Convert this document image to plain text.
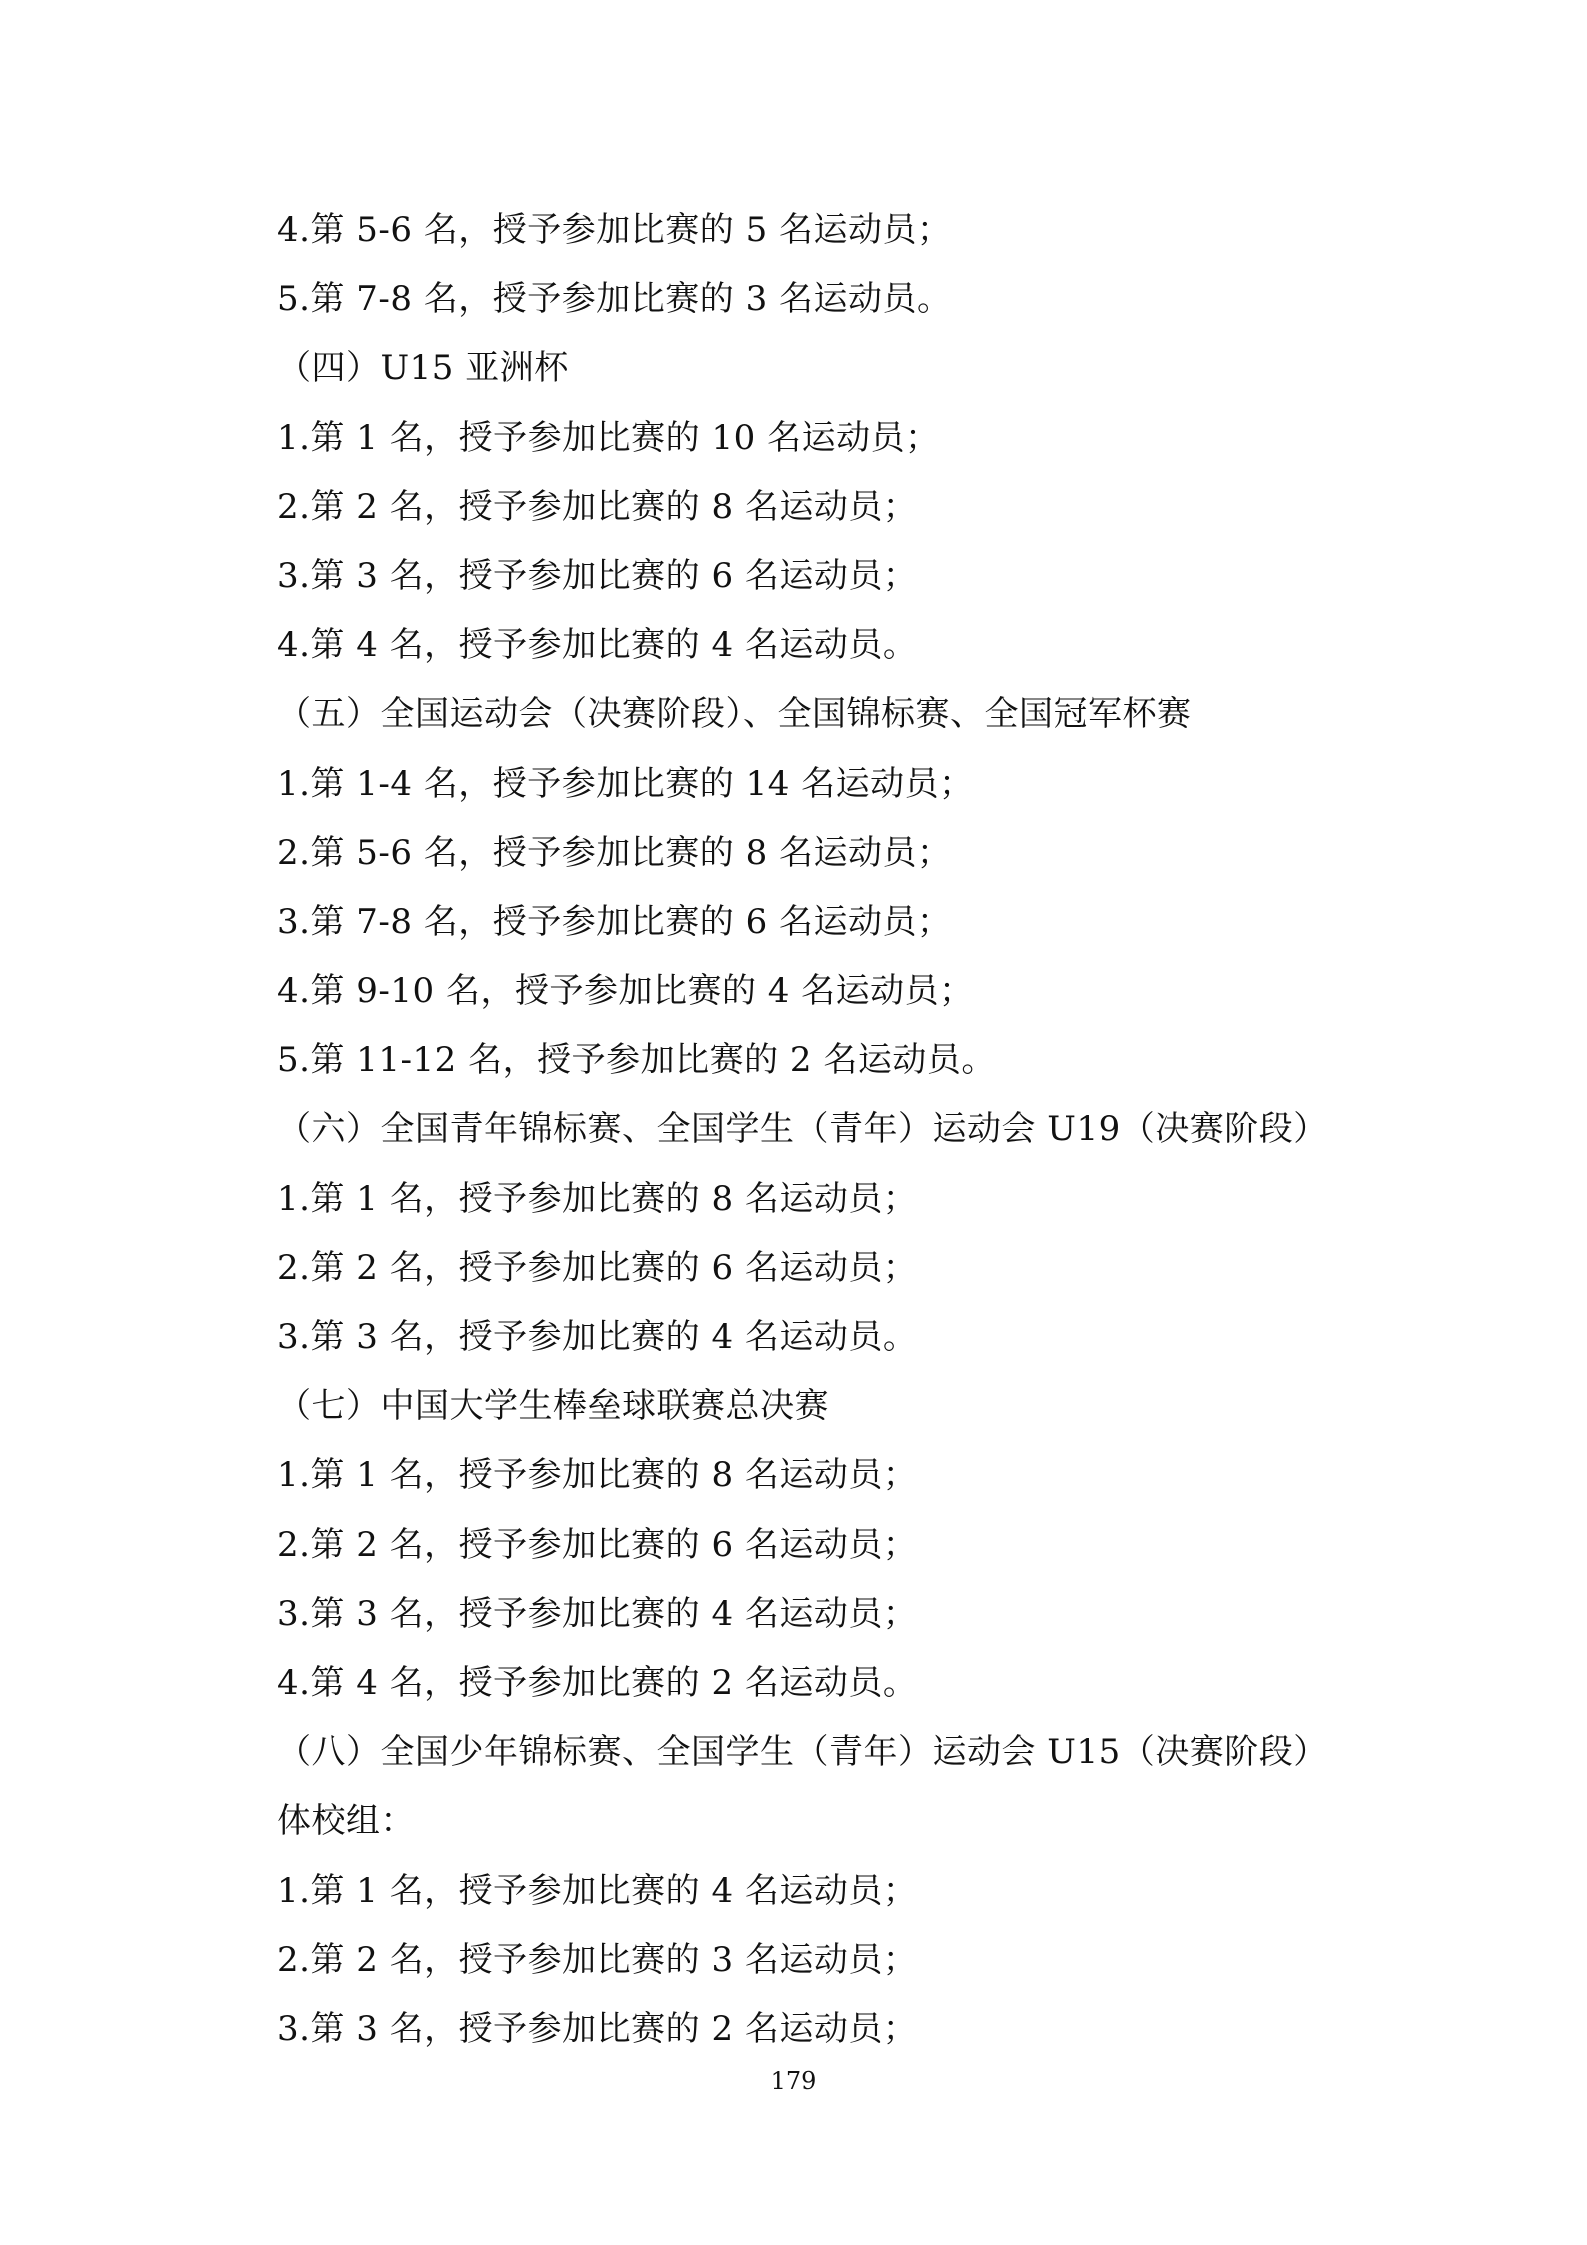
4.第 5-6 名，授予参加比赛的 5 名运动员；
5.第 7-8 名，授予参加比赛的 3 名运动员。
（四）U15 亚洲杯
1.第 1 名，授予参加比赛的 10 名运动员；
2.第 2 名，授予参加比赛的 8 名运动员；
3.第 3 名，授予参加比赛的 6 名运动员；
4.第 4 名，授予参加比赛的 4 名运动员。
（五）全国运动会（决赛阶段）、全国锦标赛、全国冠军杯赛
1.第 1-4 名，授予参加比赛的 14 名运动员；
2.第 5-6 名，授予参加比赛的 8 名运动员；
3.第 7-8 名，授予参加比赛的 6 名运动员；
4.第 9-10 名，授予参加比赛的 4 名运动员；
5.第 11-12 名，授予参加比赛的 2 名运动员。
（六）全国青年锦标赛、全国学生（青年）运动会 U19（决赛阶段）
1.第 1 名，授予参加比赛的 8 名运动员；
2.第 2 名，授予参加比赛的 6 名运动员；
3.第 3 名，授予参加比赛的 4 名运动员。
（七）中国大学生棒垒球联赛总决赛
1.第 1 名，授予参加比赛的 8 名运动员；
2.第 2 名，授予参加比赛的 6 名运动员；
3.第 3 名，授予参加比赛的 4 名运动员；
4.第 4 名，授予参加比赛的 2 名运动员。
（八）全国少年锦标赛、全国学生（青年）运动会 U15（决赛阶段）
体校组：
1.第 1 名，授予参加比赛的 4 名运动员；
2.第 2 名，授予参加比赛的 3 名运动员；
3.第 3 名，授予参加比赛的 2 名运动员；
179
